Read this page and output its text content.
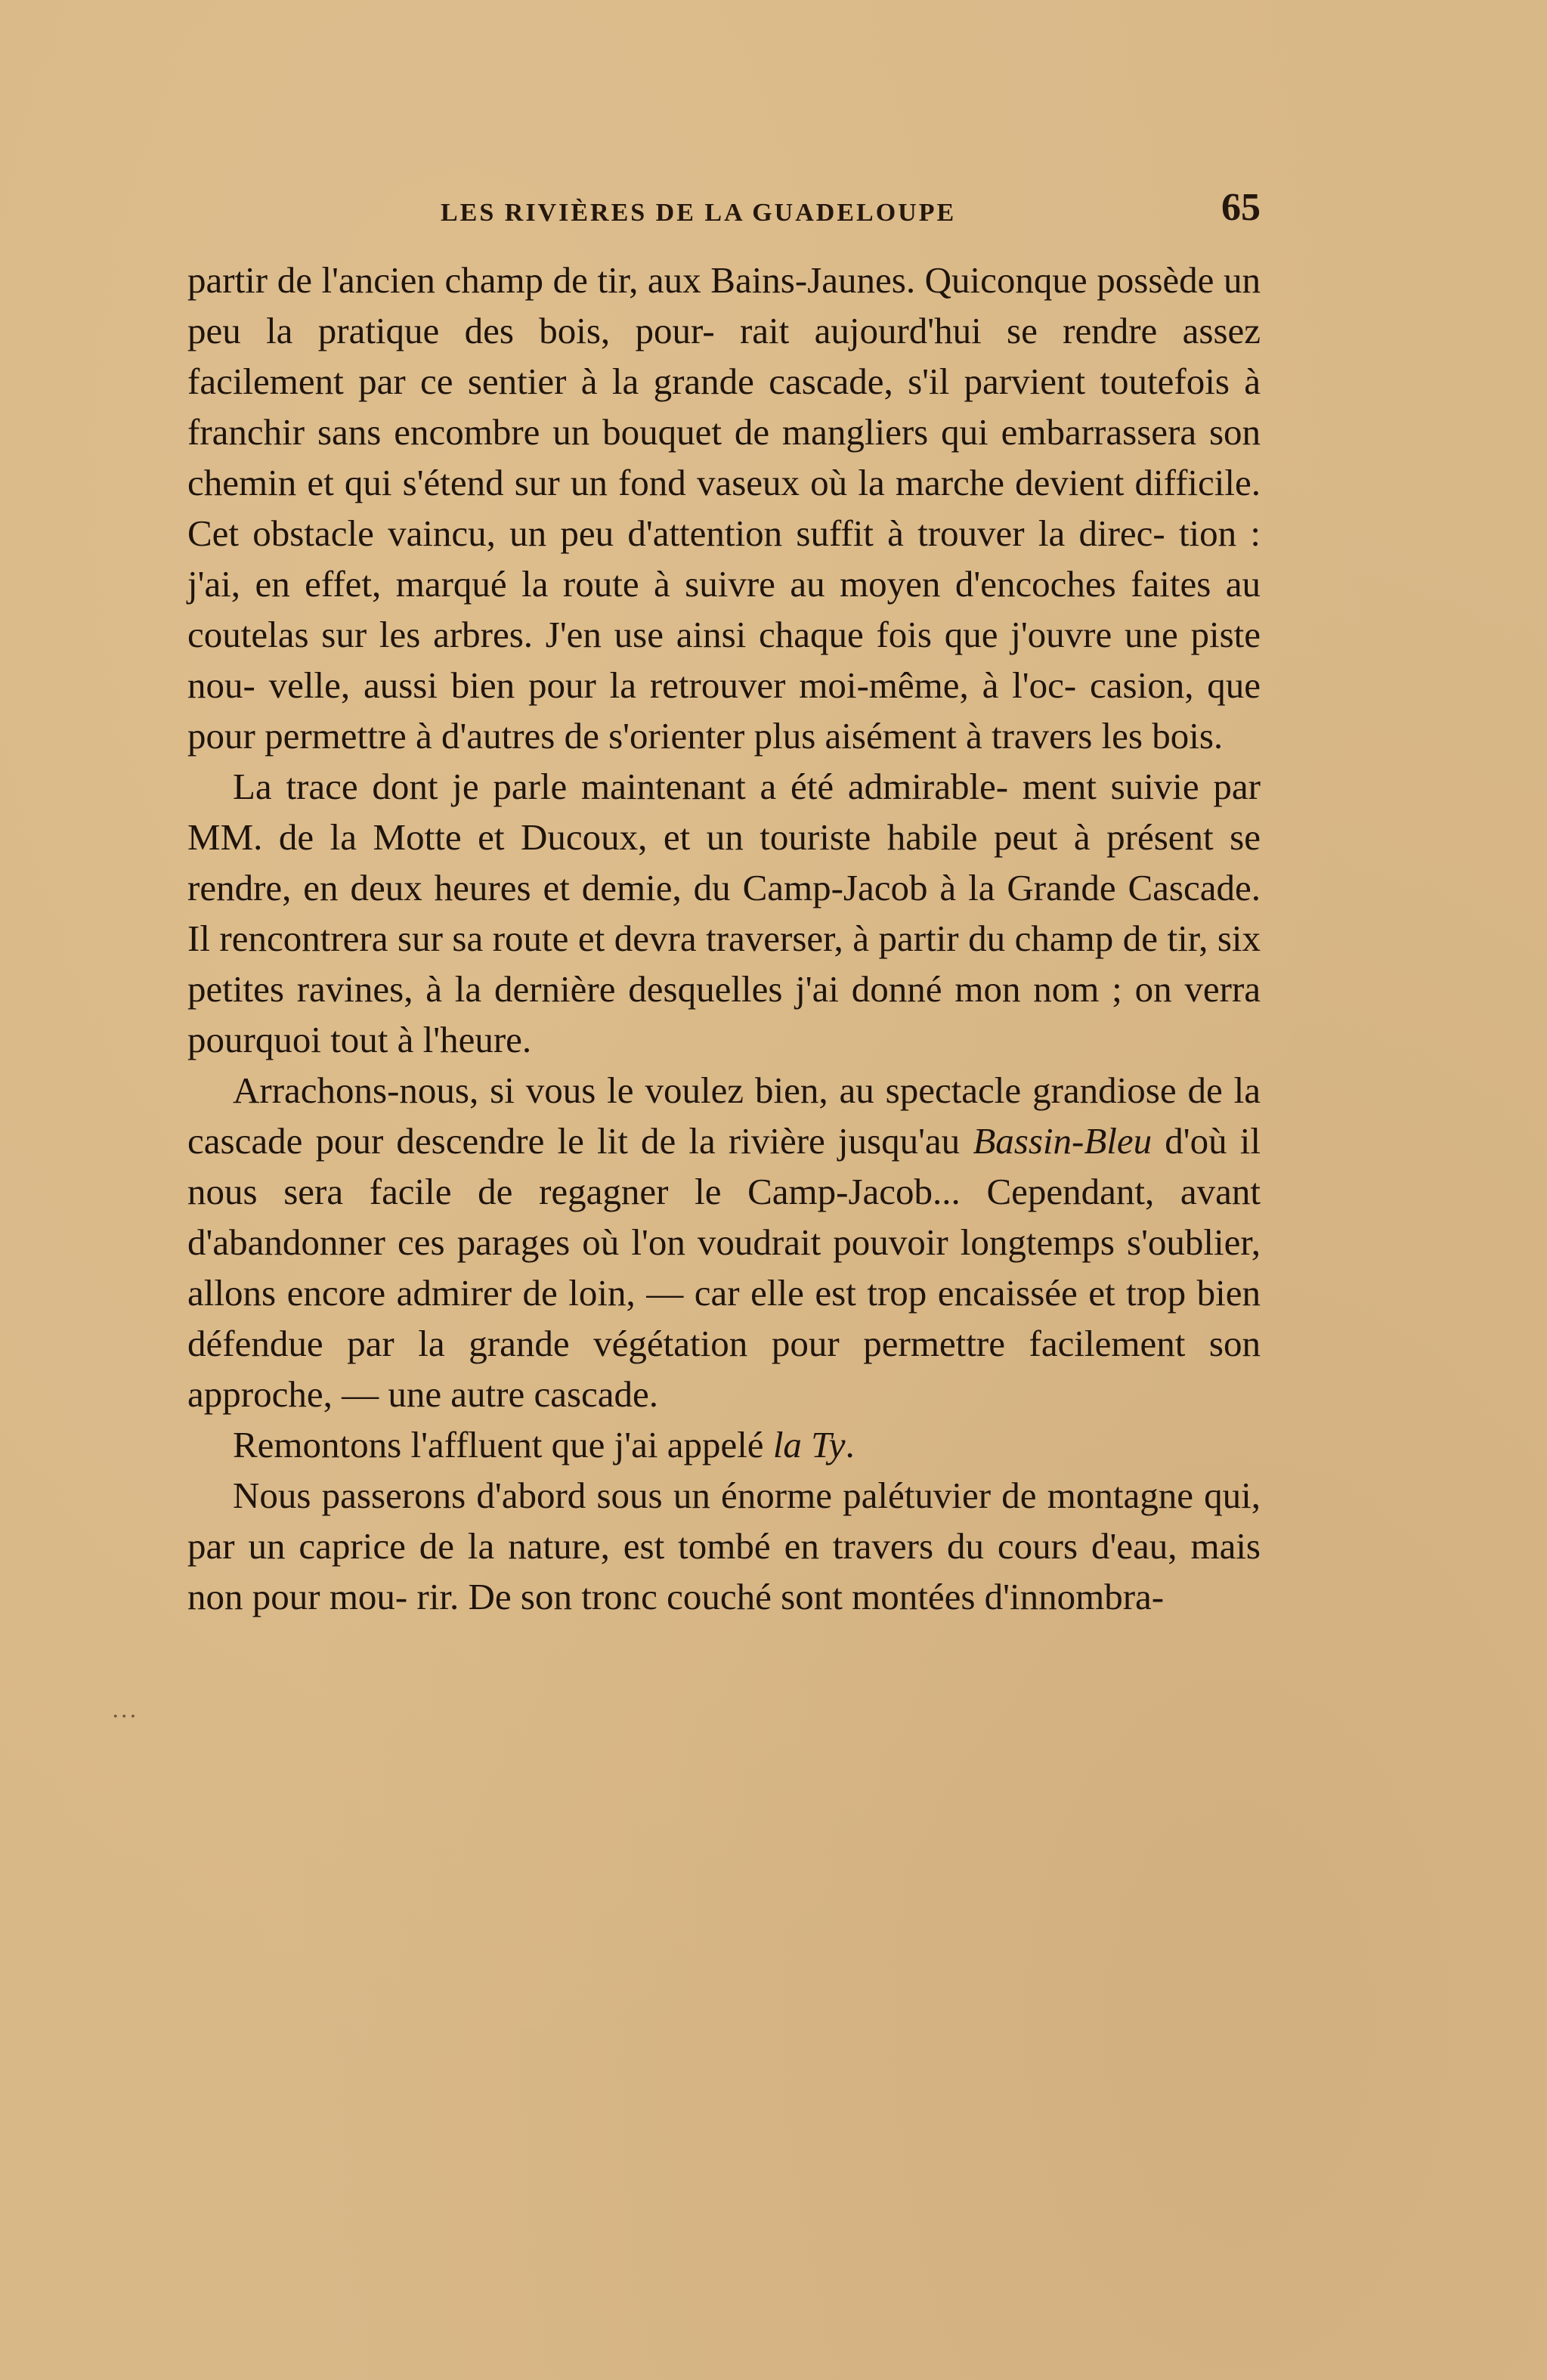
LES RIVIÈRES DE LA GUADELOUPE	65
...

partir de l'ancien champ de tir, aux Bains-Jaunes. Quiconque possède un peu la pratique des bois, pour- rait aujourd'hui se rendre assez facilement par ce sentier à la grande cascade, s'il parvient toutefois à franchir sans encombre un bouquet de mangliers qui embarrassera son chemin et qui s'étend sur un fond vaseux où la marche devient difficile. Cet obstacle vaincu, un peu d'attention suffit à trouver la direc- tion : j'ai, en effet, marqué la route à suivre au moyen d'encoches faites au coutelas sur les arbres. J'en use ainsi chaque fois que j'ouvre une piste nou- velle, aussi bien pour la retrouver moi-même, à l'oc- casion, que pour permettre à d'autres de s'orienter plus aisément à travers les bois.

La trace dont je parle maintenant a été admirable- ment suivie par MM. de la Motte et Ducoux, et un touriste habile peut à présent se rendre, en deux heures et demie, du Camp-Jacob à la Grande Cascade. Il rencontrera sur sa route et devra traverser, à partir du champ de tir, six petites ravines, à la dernière desquelles j'ai donné mon nom ; on verra pourquoi tout à l'heure.

Arrachons-nous, si vous le voulez bien, au spectacle grandiose de la cascade pour descendre le lit de la rivière jusqu'au Bassin-Bleu d'où il nous sera facile de regagner le Camp-Jacob... Cependant, avant d'abandonner ces parages où l'on voudrait pouvoir longtemps s'oublier, allons encore admirer de loin, — car elle est trop encaissée et trop bien défendue par la grande végétation pour permettre facilement son approche, — une autre cascade.

Remontons l'affluent que j'ai appelé la Ty.

Nous passerons d'abord sous un énorme palétuvier de montagne qui, par un caprice de la nature, est tombé en travers du cours d'eau, mais non pour mou- rir. De son tronc couché sont montées d'innombra-
